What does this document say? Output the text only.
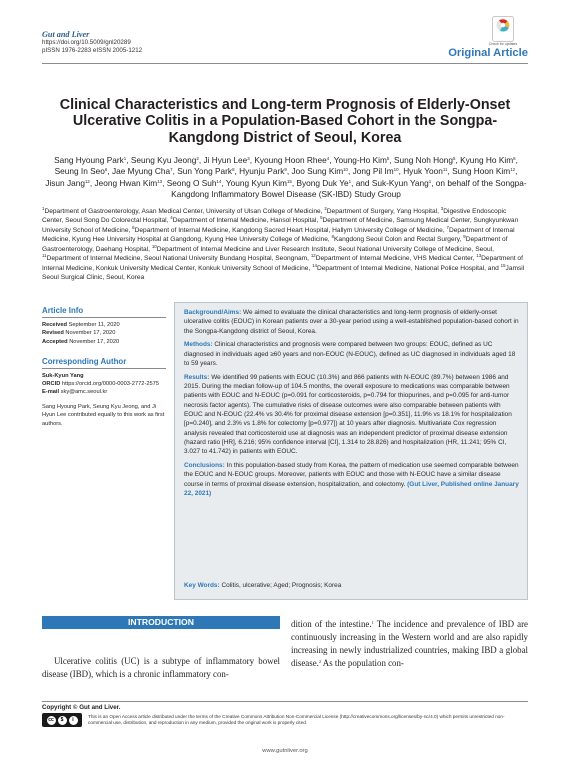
Gut and Liver
https://doi.org/10.5009/gnl20289
pISSN 1976-2283 eISSN 2005-1212
Check for updates
Original Article
Clinical Characteristics and Long-term Prognosis of Elderly-Onset Ulcerative Colitis in a Population-Based Cohort in the Songpa-Kangdong District of Seoul, Korea
Sang Hyoung Park$^1$, Seung Kyu Jeong$^2$, Ji Hyun Lee$^3$, Kyoung Hoon Rhee$^4$, Young-Ho Kim$^5$, Sung Noh Hong$^5$, Kyung Ho Kim$^6$, Seung In Seo$^6$, Jae Myung Cha$^7$, Sun Yong Park$^8$, Hyunju Park$^9$, Joo Sung Kim$^{10}$, Jong Pil Im$^{10}$, Hyuk Yoon$^{11}$, Sung Hoon Kim$^{12}$, Jisun Jang$^{12}$, Jeong Hwan Kim$^{13}$, Seong O Suh$^{14}$, Young Kyun Kim$^{15}$, Byong Duk Ye$^1$, and Suk-Kyun Yang$^1$, on behalf of the Songpa-Kangdong Inflammatory Bowel Disease (SK-IBD) Study Group
$^1$Department of Gastroenterology, Asan Medical Center, University of Ulsan College of Medicine, $^2$Department of Surgery, Yang Hospital, $^3$Digestive Endoscopic Center, Seoul Song Do Colorectal Hospital, $^4$Department of Internal Medicine, Hansol Hospital, $^5$Department of Medicine, Samsung Medical Center, Sungkyunkwan University School of Medicine, $^6$Department of Internal Medicine, Kangdong Sacred Heart Hospital, Hallym University College of Medicine, $^7$Department of Internal Medicine, Kyung Hee University Hospital at Gangdong, Kyung Hee University College of Medicine, $^8$Kangdong Seoul Colon and Rectal Surgery, $^9$Department of Gastroenterology, Daehang Hospital, $^{10}$Department of Internal Medicine and Liver Research Institute, Seoul National University College of Medicine, Seoul, $^{11}$Department of Internal Medicine, Seoul National University Bundang Hospital, Seongnam, $^{12}$Department of Internal Medicine, VHS Medical Center, $^{13}$Department of Internal Medicine, Konkuk University Medical Center, Konkuk University School of Medicine, $^{14}$Department of Internal Medicine, National Police Hospital, and $^{15}$Jamsil Seoul Surgical Clinic, Seoul, Korea
Article Info
Received September 11, 2020
Revised November 17, 2020
Accepted November 17, 2020
Corresponding Author
Suk-Kyun Yang
ORCID https://orcid.org/0000-0003-2772-2575
E-mail sky@amc.seoul.kr
Sang Hyoung Park, Seung Kyu Jeong, and Ji Hyun Lee contributed equally to this work as first authors.

Background/Aims: We aimed to evaluate the clinical characteristics and long-term prognosis of elderly-onset ulcerative colitis (EOUC) in Korean patients over a 30-year period using a well-established population-based cohort in the Songpa-Kangdong district of Seoul, Korea.

Methods: Clinical characteristics and prognosis were compared between two groups: EOUC, defined as UC diagnosed in individuals aged ≥60 years and non-EOUC (N-EOUC), defined as UC diagnosed in individuals aged 18 to 59 years.

Results: We identified 99 patients with EOUC (10.3%) and 866 patients with N-EOUC (89.7%) between 1986 and 2015. During the median follow-up of 104.5 months, the overall exposure to medications was comparable between patients with EOUC and N-EOUC (p=0.091 for corticosteroids, p=0.794 for thiopurines, and p=0.095 for anti-tumor necrosis factor agents). The cumulative risks of disease outcomes were also comparable between patients with EOUC and N-EOUC (22.4% vs 30.4% for proximal disease extension [p=0.351], 11.9% vs 18.1% for hospitalization [p=0.240], and 2.3% vs 1.8% for colectomy [p=0.977]) at 10 years after diagnosis. Multivariate Cox regression analysis revealed that corticosteroid use at diagnosis was an independent predictor of proximal disease extension (hazard ratio [HR], 6.216; 95% confidence interval [CI], 1.314 to 28.826) and hospitalization (HR, 11.241; 95% CI, 3.027 to 41.742) in patients with EOUC.

Conclusions: In this population-based study from Korea, the pattern of medication use seemed comparable between the EOUC and N-EOUC groups. Moreover, patients with EOUC and those with N-EOUC have a similar disease course in terms of proximal disease extension, hospitalization, and colectomy. (Gut Liver, Published online January 22, 2021)

Key Words: Colitis, ulcerative; Aged; Prognosis; Korea
INTRODUCTION
Ulcerative colitis (UC) is a subtype of inflammatory bowel disease (IBD), which is a chronic inflammatory con-
dition of the intestine.$^1$ The incidence and prevalence of IBD are continuously increasing in the Western world and are also rapidly increasing in newly industrialized countries, making IBD a global disease.$^2$ As the population con-
Copyright © Gut and Liver.
cc	$	i	This is an Open Access article distributed under the terms of the Creative Commons Attribution Non-Commercial License (http://creativecommons.org/licenses/by-nc/4.0) which permits unrestricted non-commercial use, distribution, and reproduction in any medium, provided the original work is properly cited.
www.gutnliver.org
